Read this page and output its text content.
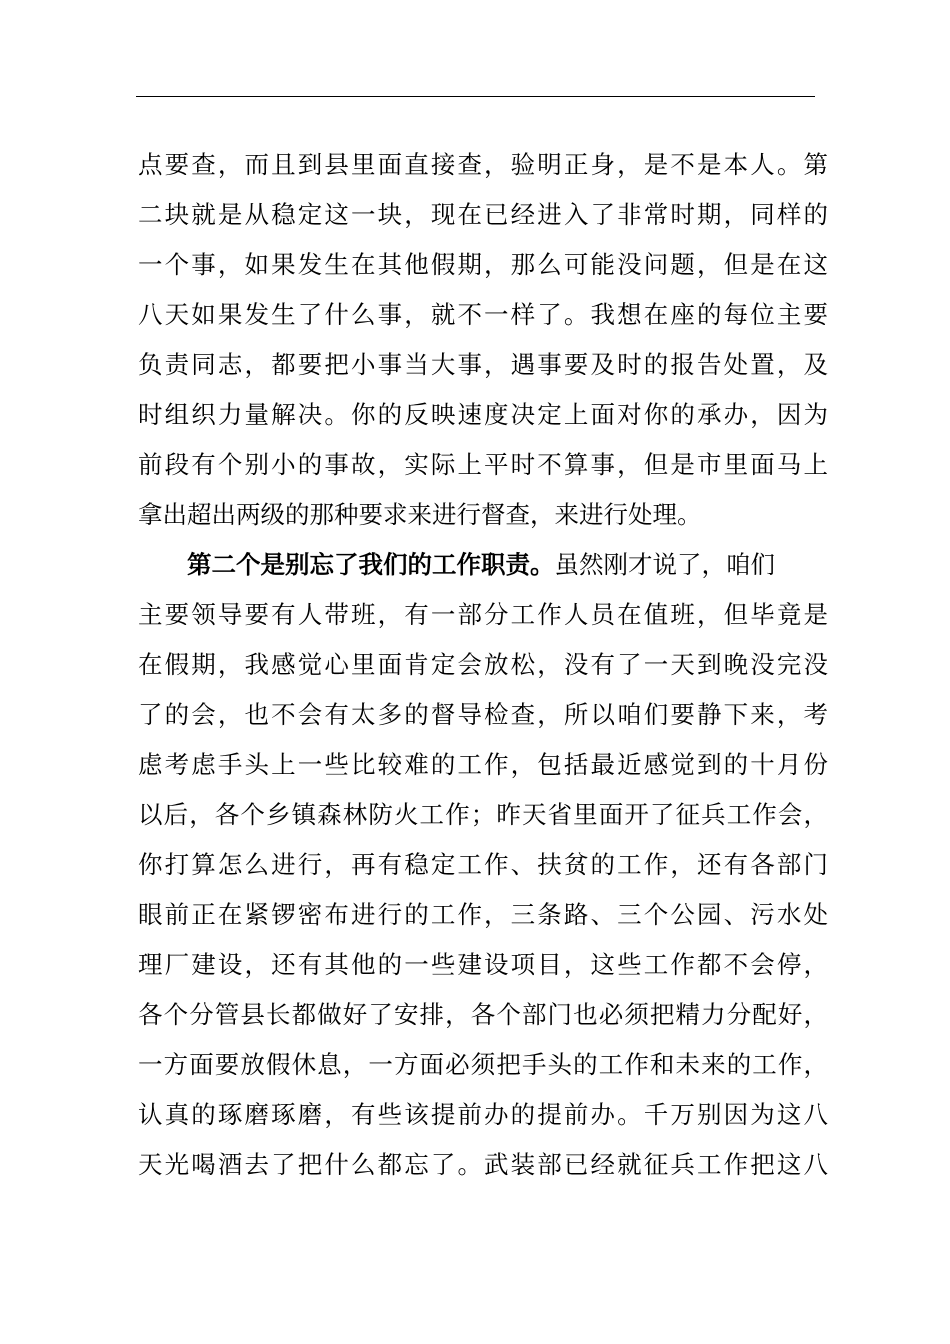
点要查，而且到县里面直接查，验明正身，是不是本人。第
二块就是从稳定这一块，现在已经进入了非常时期，同样的
一个事，如果发生在其他假期，那么可能没问题，但是在这
八天如果发生了什么事，就不一样了。我想在座的每位主要
负责同志，都要把小事当大事，遇事要及时的报告处置，及
时组织力量解决。你的反映速度决定上面对你的承办，因为
前段有个别小的事故，实际上平时不算事，但是市里面马上
拿出超出两级的那种要求来进行督查，来进行处理。
第二个是别忘了我们的工作职责。虽然刚才说了，咱们
主要领导要有人带班，有一部分工作人员在值班，但毕竟是
在假期，我感觉心里面肯定会放松，没有了一天到晚没完没
了的会，也不会有太多的督导检查，所以咱们要静下来，考
虑考虑手头上一些比较难的工作，包括最近感觉到的十月份
以后，各个乡镇森林防火工作；昨天省里面开了征兵工作会，
你打算怎么进行，再有稳定工作、扶贫的工作，还有各部门
眼前正在紧锣密布进行的工作，三条路、三个公园、污水处
理厂建设，还有其他的一些建设项目，这些工作都不会停，
各个分管县长都做好了安排，各个部门也必须把精力分配好，
一方面要放假休息，一方面必须把手头的工作和未来的工作，
认真的琢磨琢磨，有些该提前办的提前办。千万别因为这八
天光喝酒去了把什么都忘了。武装部已经就征兵工作把这八
